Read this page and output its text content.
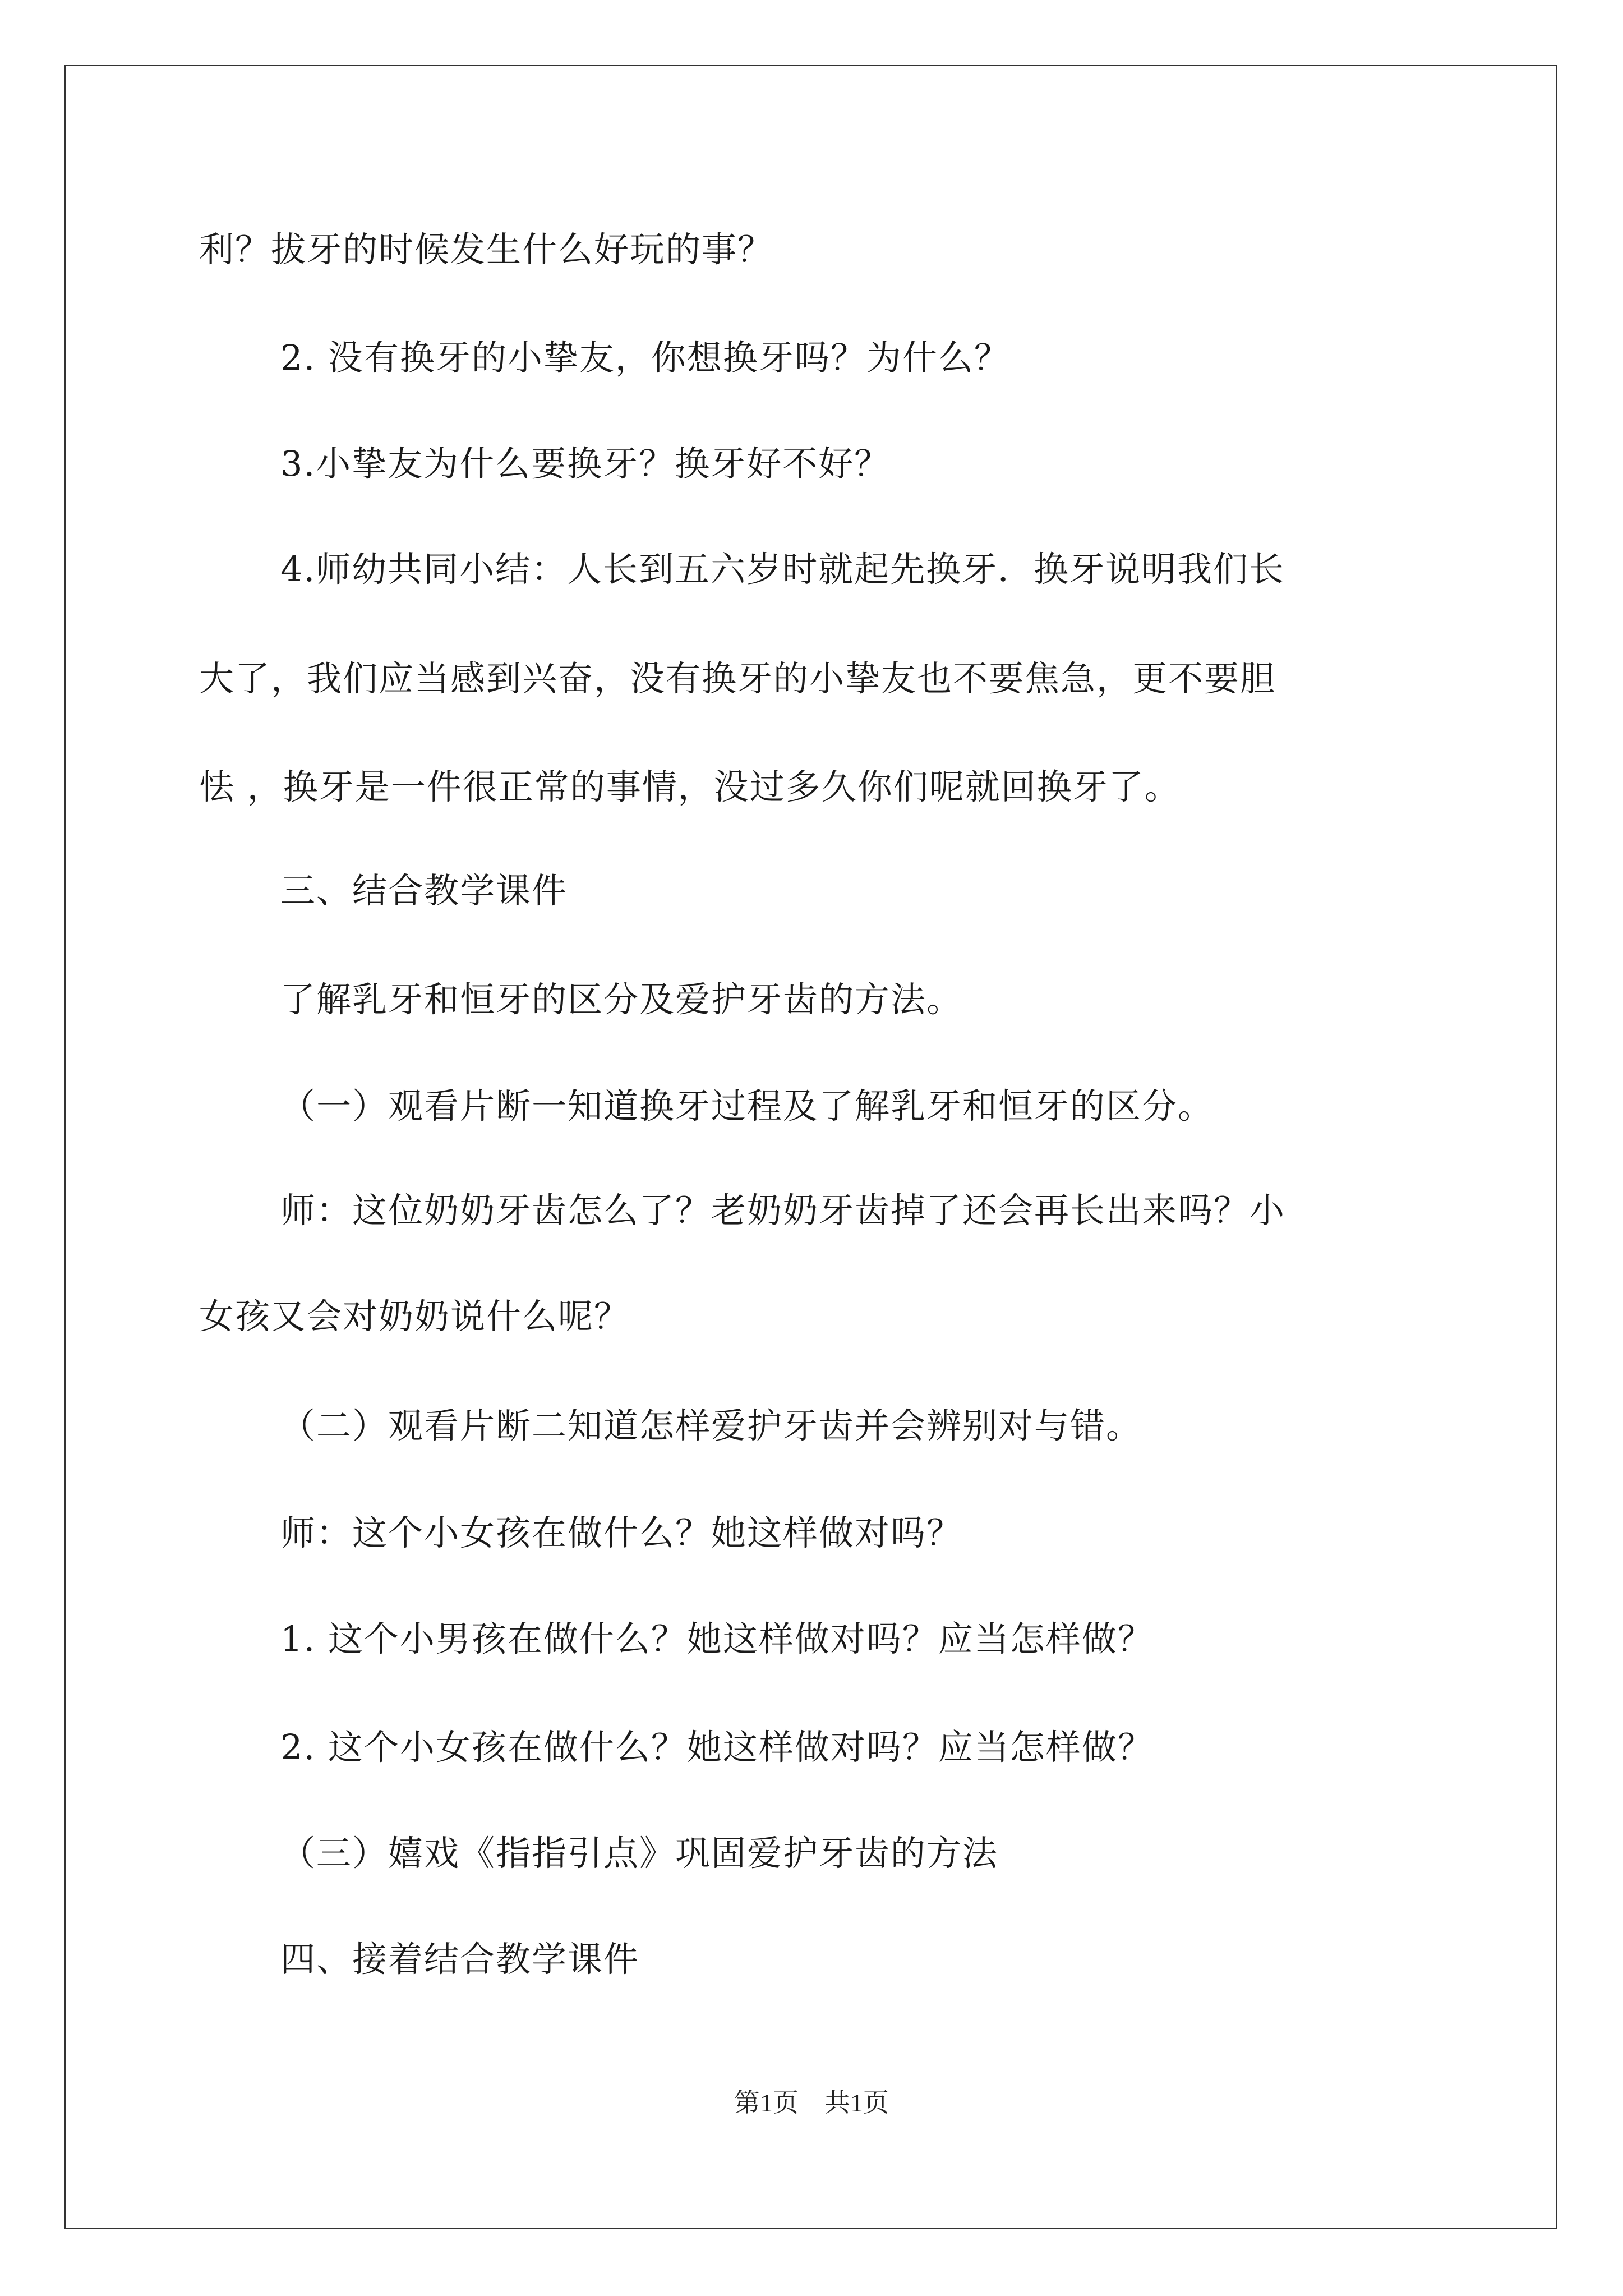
利？拔牙的时候发生什么好玩的事？
2. 没有换牙的小挚友，你想换牙吗？为什么？
3.小挚友为什么要换牙？换牙好不好？
4.师幼共同小结：人长到五六岁时就起先换牙．换牙说明我们长
大了，我们应当感到兴奋，没有换牙的小挚友也不要焦急，更不要胆
怯 ，换牙是一件很正常的事情，没过多久你们呢就回换牙了。
三、结合教学课件
了解乳牙和恒牙的区分及爱护牙齿的方法。
（一）观看片断一知道换牙过程及了解乳牙和恒牙的区分。
师：这位奶奶牙齿怎么了？老奶奶牙齿掉了还会再长出来吗？小
女孩又会对奶奶说什么呢？
（二）观看片断二知道怎样爱护牙齿并会辨别对与错。
师：这个小女孩在做什么？她这样做对吗？
1. 这个小男孩在做什么？她这样做对吗？应当怎样做？
2. 这个小女孩在做什么？她这样做对吗？应当怎样做？
（三）嬉戏《指指引点》巩固爱护牙齿的方法
四、接着结合教学课件
第1页　共1页
